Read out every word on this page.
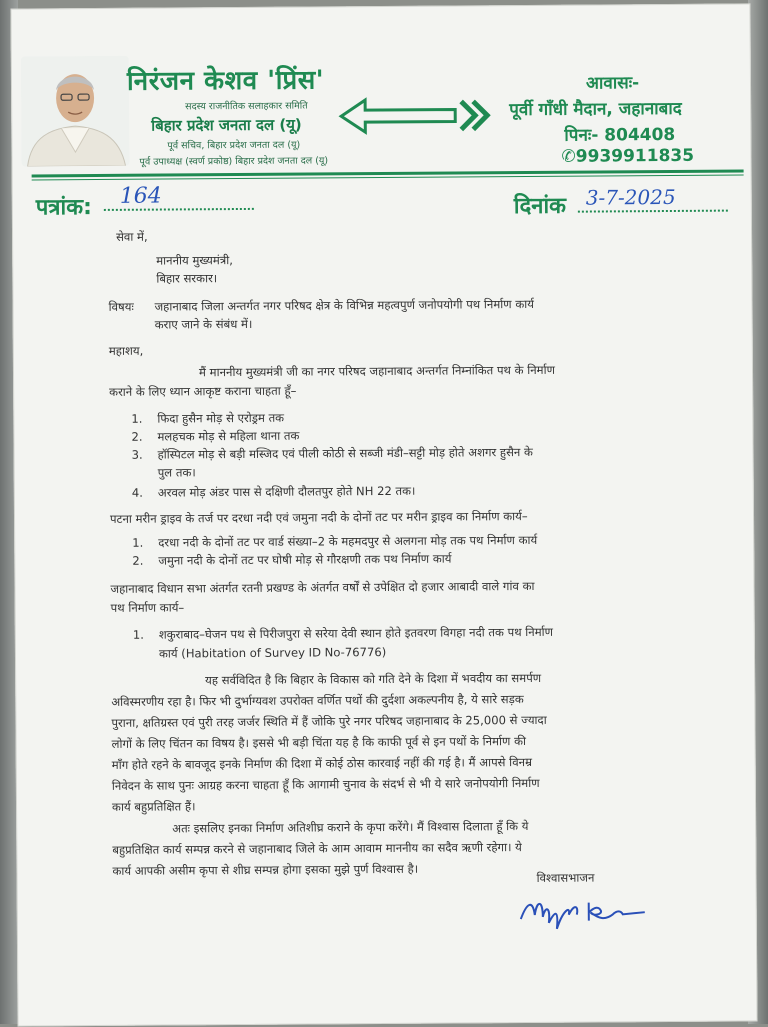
निरंजन केशव 'प्रिंस'
सदस्य राजनीतिक सलाहकार समिति
बिहार प्रदेश जनता दल (यू)
पूर्व सचिव, बिहार प्रदेश जनता दल (यू)
पूर्व उपाध्यक्ष (स्वर्ण प्रकोष्ठ) बिहार प्रदेश जनता दल (यू)
आवासः-
पूर्वी गाँधी मैदान, जहानाबाद
पिनः- 804408
✆9939911835
पत्रांक: 164	दिनांक 3-7-2025
सेवा में,
माननीय मुख्यमंत्री,
बिहार सरकार।
विषयः जहानाबाद जिला अन्तर्गत नगर परिषद क्षेत्र के विभिन्न महत्वपुर्ण जनोपयोगी पथ निर्माण कार्य
कराए जाने के संबंध में।
महाशय,
मैं माननीय मुख्यमंत्री जी का नगर परिषद जहानाबाद अन्तर्गत निम्नांकित पथ के निर्माण
कराने के लिए ध्यान आकृष्ट कराना चाहता हूँ–
1. फिदा हुसैन मोड़ से एरोड्रम तक
2. मलहचक मोड़ से महिला थाना तक
3. हॉस्पिटल मोड़ से बड़ी मस्जिद एवं पीली कोठी से सब्जी मंडी–सट्टी मोड़ होते अशगर हुसैन के
पुल तक।
4. अरवल मोड़ अंडर पास से दक्षिणी दौलतपुर होते NH 22 तक।
पटना मरीन ड्राइव के तर्ज पर दरधा नदी एवं जमुना नदी के दोनों तट पर मरीन ड्राइव का निर्माण कार्य–
1. दरधा नदी के दोनों तट पर वार्ड संख्या–2 के महमदपुर से अलगना मोड़ तक पथ निर्माण कार्य
2. जमुना नदी के दोनों तट पर घोषी मोड़ से गौरक्षणी तक पथ निर्माण कार्य
जहानाबाद विधान सभा अंतर्गत रतनी प्रखण्ड के अंतर्गत वर्षों से उपेक्षित दो हजार आबादी वाले गांव का
पथ निर्माण कार्य–
1. शकुराबाद–घेजन पथ से पिरीजपुरा से सरेया देवी स्थान होते इतवरण विगहा नदी तक पथ निर्माण
कार्य (Habitation of Survey ID No-76776)
यह सर्वविदित है कि बिहार के विकास को गति देने के दिशा में भवदीय का समर्पण
अविस्मरणीय रहा है। फिर भी दुर्भाग्यवश उपरोक्त वर्णित पथों की दुर्दशा अकल्पनीय है, ये सारे सड़क
पुराना, क्षतिग्रस्त एवं पुरी तरह जर्जर स्थिति में हैं जोकि पुरे नगर परिषद जहानाबाद के 25,000 से ज्यादा
लोगों के लिए चिंतन का विषय है। इससे भी बड़ी चिंता यह है कि काफी पूर्व से इन पथों के निर्माण की
माँग होते रहने के बावजूद इनके निर्माण की दिशा में कोई ठोस कारवाई नहीं की गई है। मैं आपसे विनम्र
निवेदन के साथ पुनः आग्रह करना चाहता हूँ कि आगामी चुनाव के संदर्भ से भी ये सारे जनोपयोगी निर्माण
कार्य बहुप्रतिक्षित हैं।
अतः इसलिए इनका निर्माण अतिशीघ्र कराने के कृपा करेंगे। मैं विश्वास दिलाता हूँ कि ये
बहुप्रतिक्षित कार्य सम्पन्न करने से जहानाबाद जिले के आम आवाम माननीय का सदैव ऋणी रहेगा। ये
कार्य आपकी असीम कृपा से शीघ्र सम्पन्न होगा इसका मुझे पुर्ण विश्वास है।	विश्वासभाजन
